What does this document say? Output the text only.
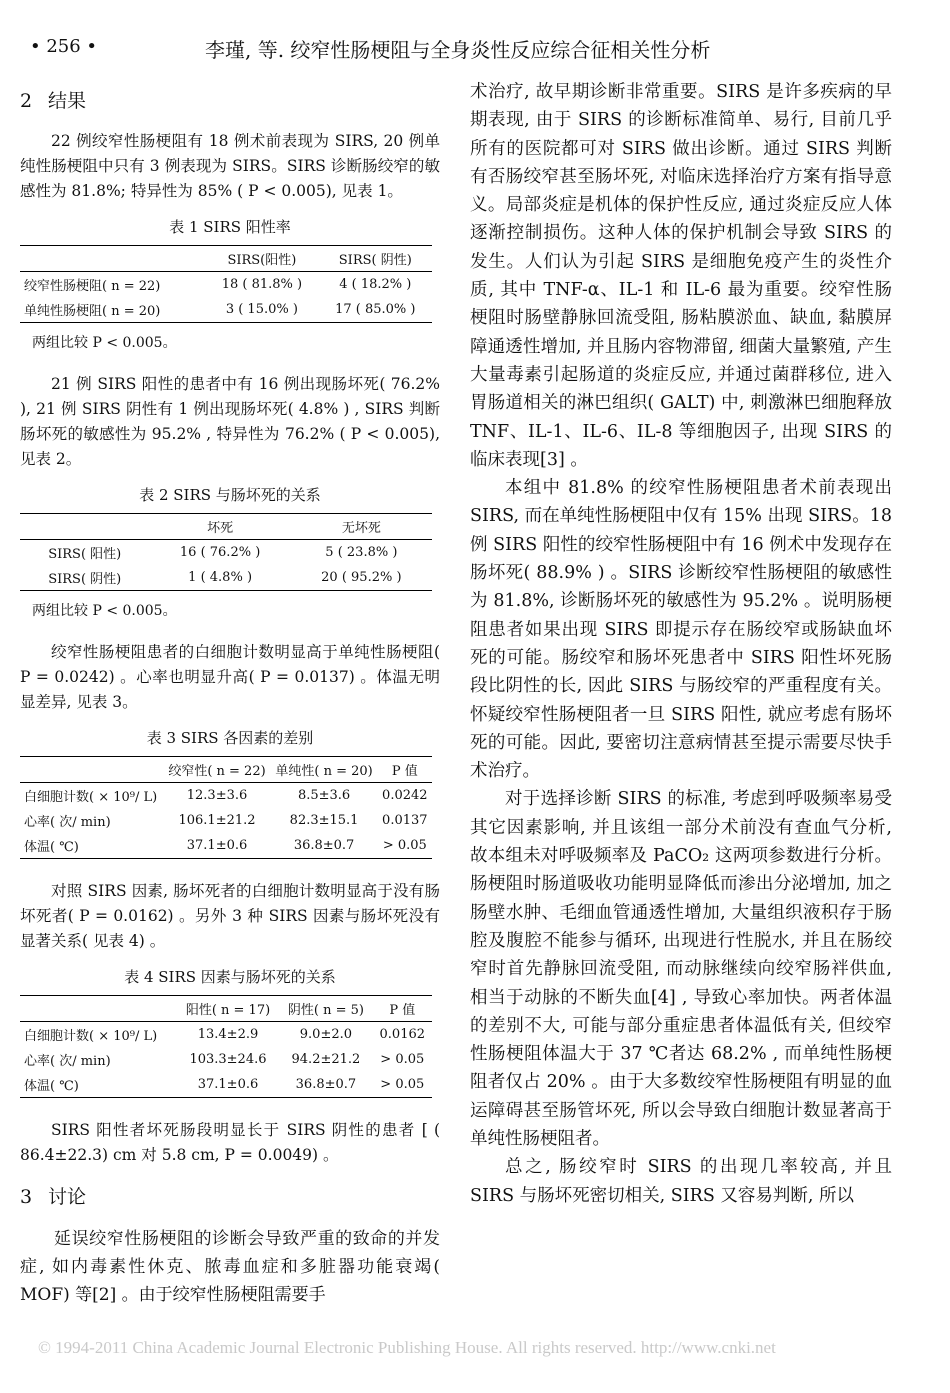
• 256 •	李瑾, 等. 绞窄性肠梗阻与全身炎性反应综合征相关性分析
2 结果

22 例绞窄性肠梗阻有 18 例术前表现为 SIRS, 20 例单纯性肠梗阻中只有 3 例表现为 SIRS。SIRS 诊断肠绞窄的敏感性为 81.8%; 特异性为 85% ( P < 0.005), 见表 1。

表 1 SIRS 阳性率
	SIRS(阳性)	SIRS( 阴性)
绞窄性肠梗阻( n = 22)	18 ( 81.8% )	4 ( 18.2% )
单纯性肠梗阻( n = 20)	3 ( 15.0% )	17 ( 85.0% )

两组比较 P < 0.005。

21 例 SIRS 阳性的患者中有 16 例出现肠坏死( 76.2% ), 21 例 SIRS 阴性有 1 例出现肠坏死( 4.8% ) , SIRS 判断肠坏死的敏感性为 95.2% , 特异性为 76.2% ( P < 0.005), 见表 2。

表 2 SIRS 与肠坏死的关系
	坏死	无坏死
SIRS( 阳性)	16 ( 76.2% )	5 ( 23.8% )
SIRS( 阴性)	1 ( 4.8% )	20 ( 95.2% )

两组比较 P < 0.005。

绞窄性肠梗阻患者的白细胞计数明显高于单纯性肠梗阻( P = 0.0242) 。心率也明显升高( P = 0.0137) 。体温无明显差异, 见表 3。

表 3 SIRS 各因素的差别
	绞窄性( n = 22)	单纯性( n = 20)	P 值
白细胞计数( × 10⁹/ L)	12.3±3.6	8.5±3.6	0.0242
心率( 次/ min)	106.1±21.2	82.3±15.1	0.0137
体温( ℃)	37.1±0.6	36.8±0.7	> 0.05

对照 SIRS 因素, 肠坏死者的白细胞计数明显高于没有肠坏死者( P = 0.0162) 。另外 3 种 SIRS 因素与肠坏死没有显著关系( 见表 4) 。

表 4 SIRS 因素与肠坏死的关系
	阳性( n = 17)	阴性( n = 5)	P 值
白细胞计数( × 10⁹/ L)	13.4±2.9	9.0±2.0	0.0162
心率( 次/ min)	103.3±24.6	94.2±21.2	> 0.05
体温( ℃)	37.1±0.6	36.8±0.7	> 0.05

SIRS 阳性者坏死肠段明显长于 SIRS 阴性的患者 [ ( 86.4±22.3) cm 对 5.8 cm, P = 0.0049) 。

3 讨论

延误绞窄性肠梗阻的诊断会导致严重的致命的并发症, 如内毒素性休克、脓毒血症和多脏器功能衰竭( MOF) 等[2] 。由于绞窄性肠梗阻需要手

术治疗, 故早期诊断非常重要。SIRS 是许多疾病的早期表现, 由于 SIRS 的诊断标准简单、易行, 目前几乎所有的医院都可对 SIRS 做出诊断。通过 SIRS 判断有否肠绞窄甚至肠坏死, 对临床选择治疗方案有指导意义。局部炎症是机体的保护性反应, 通过炎症反应人体逐渐控制损伤。这种人体的保护机制会导致 SIRS 的发生。人们认为引起 SIRS 是细胞免疫产生的炎性介质, 其中 TNF-α、IL-1 和 IL-6 最为重要。绞窄性肠梗阻时肠壁静脉回流受阻, 肠粘膜淤血、缺血, 黏膜屏障通透性增加, 并且肠内容物滞留, 细菌大量繁殖, 产生大量毒素引起肠道的炎症反应, 并通过菌群移位, 进入胃肠道相关的淋巴组织( GALT) 中, 刺激淋巴细胞释放 TNF、IL-1、IL-6、IL-8 等细胞因子, 出现 SIRS 的临床表现[3] 。

本组中 81.8% 的绞窄性肠梗阻患者术前表现出 SIRS, 而在单纯性肠梗阻中仅有 15% 出现 SIRS。18 例 SIRS 阳性的绞窄性肠梗阻中有 16 例术中发现存在肠坏死( 88.9% ) 。SIRS 诊断绞窄性肠梗阻的敏感性为 81.8%, 诊断肠坏死的敏感性为 95.2% 。说明肠梗阻患者如果出现 SIRS 即提示存在肠绞窄或肠缺血坏死的可能。肠绞窄和肠坏死患者中 SIRS 阳性坏死肠段比阴性的长, 因此 SIRS 与肠绞窄的严重程度有关。怀疑绞窄性肠梗阻者一旦 SIRS 阳性, 就应考虑有肠坏死的可能。因此, 要密切注意病情甚至提示需要尽快手术治疗。

对于选择诊断 SIRS 的标准, 考虑到呼吸频率易受其它因素影响, 并且该组一部分术前没有查血气分析, 故本组未对呼吸频率及 PaCO₂ 这两项参数进行分析。肠梗阻时肠道吸收功能明显降低而渗出分泌增加, 加之肠壁水肿、毛细血管通透性增加, 大量组织液积存于肠腔及腹腔不能参与循环, 出现进行性脱水, 并且在肠绞窄时首先静脉回流受阻, 而动脉继续向绞窄肠袢供血, 相当于动脉的不断失血[4] , 导致心率加快。两者体温的差别不大, 可能与部分重症患者体温低有关, 但绞窄性肠梗阻体温大于 37 ℃者达 68.2% , 而单纯性肠梗阻者仅占 20% 。由于大多数绞窄性肠梗阻有明显的血运障碍甚至肠管坏死, 所以会导致白细胞计数显著高于单纯性肠梗阻者。

总之, 肠绞窄时 SIRS 的出现几率较高, 并且 SIRS 与肠坏死密切相关, SIRS 又容易判断, 所以

© 1994-2011 China Academic Journal Electronic Publishing House. All rights reserved. http://www.cnki.net
